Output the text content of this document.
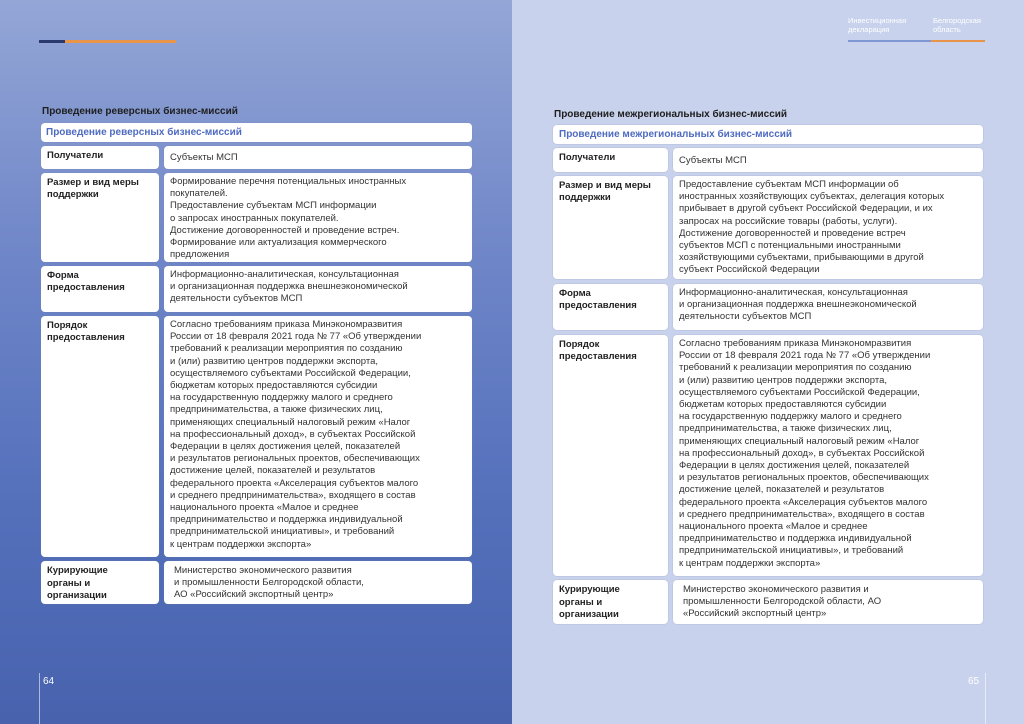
Проведение реверсных бизнес-миссий
Проведение реверсных бизнес-миссий
Получатели	Субъекты МСП
Размер и вид меры
поддержки
Формирование перечня потенциальных иностранных
покупателей.
Предоставление субъектам МСП информации
о запросах иностранных покупателей.
Достижение договоренностей и проведение встреч.
Формирование или актуализация коммерческого
предложения
Форма
предоставления
Информационно-аналитическая, консультационная
и организационная поддержка внешнеэкономической
деятельности субъектов МСП
Порядок
предоставления
Согласно требованиям приказа Минэкономразвития
России от 18 февраля 2021 года № 77 «Об утверждении
требований к реализации мероприятия по созданию
и (или) развитию центров поддержки экспорта,
осуществляемого субъектами Российской Федерации,
бюджетам которых предоставляются субсидии
на государственную поддержку малого и среднего
предпринимательства, а также физических лиц,
применяющих специальный налоговый режим «Налог
на профессиональный доход», в субъектах Российской
Федерации в целях достижения целей, показателей
и результатов региональных проектов, обеспечивающих
достижение целей, показателей и результатов
федерального проекта «Акселерация субъектов малого
и среднего предпринимательства», входящего в состав
национального проекта «Малое и среднее
предпринимательство и поддержка индивидуальной
предпринимательской инициативы», и требований
к центрам поддержки экспорта»
Курирующие
органы и
организации
Министерство экономического развития
и промышленности Белгородской области,
АО «Российский экспортный центр»
64
Инвестиционная
декларация
Белгородская
область
Проведение межрегиональных бизнес-миссий
Проведение межрегиональных бизнес-миссий
Получатели	Субъекты МСП
Размер и вид меры
поддержки
Предоставление субъектам МСП информации об
иностранных хозяйствующих субъектах, делегация которых
прибывает в другой субъект Российской Федерации, и их
запросах на российские товары (работы, услуги).
Достижение договоренностей и проведение встреч
субъектов МСП с потенциальными иностранными
хозяйствующими субъектами, прибывающими в другой
субъект Российской Федерации
Форма
предоставления
Информационно-аналитическая, консультационная
и организационная поддержка внешнеэкономической
деятельности субъектов МСП
Порядок
предоставления
Согласно требованиям приказа Минэкономразвития
России от 18 февраля 2021 года № 77 «Об утверждении
требований к реализации мероприятия по созданию
и (или) развитию центров поддержки экспорта,
осуществляемого субъектами Российской Федерации,
бюджетам которых предоставляются субсидии
на государственную поддержку малого и среднего
предпринимательства, а также физических лиц,
применяющих специальный налоговый режим «Налог
на профессиональный доход», в субъектах Российской
Федерации в целях достижения целей, показателей
и результатов региональных проектов, обеспечивающих
достижение целей, показателей и результатов
федерального проекта «Акселерация субъектов малого
и среднего предпринимательства», входящего в состав
национального проекта «Малое и среднее
предпринимательство и поддержка индивидуальной
предпринимательской инициативы», и требований
к центрам поддержки экспорта»
Курирующие
органы и
организации
Министерство экономического развития и
промышленности Белгородской области, АО
«Российский экспортный центр»
65
